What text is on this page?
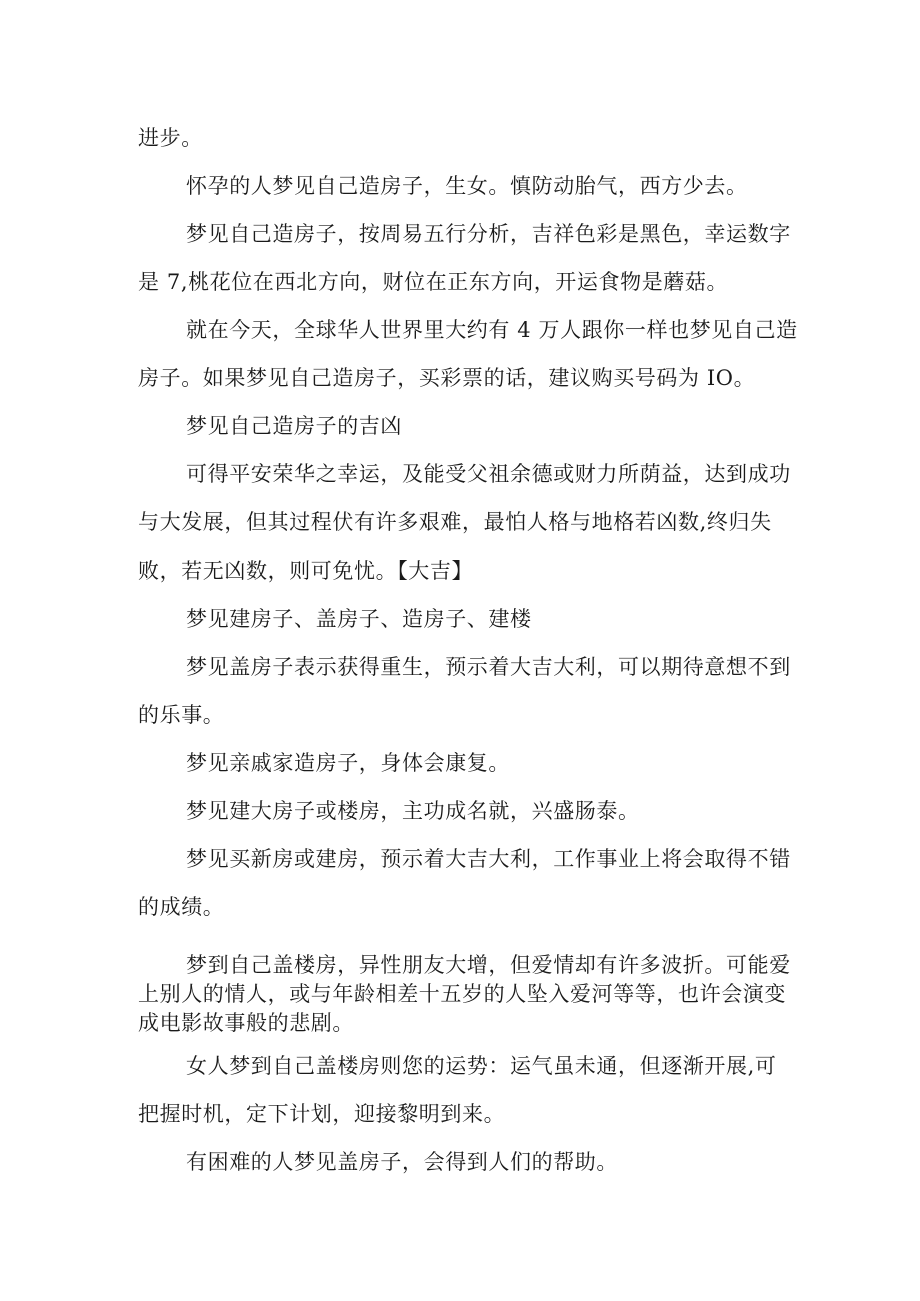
进步。
怀孕的人梦见自己造房子，生女。慎防动胎气，西方少去。
梦见自己造房子，按周易五行分析，吉祥色彩是黑色，幸运数字
是 7,桃花位在西北方向，财位在正东方向，开运食物是蘑菇。
就在今天，全球华人世界里大约有 4 万人跟你一样也梦见自己造
房子。如果梦见自己造房子，买彩票的话，建议购买号码为 IO。
梦见自己造房子的吉凶
可得平安荣华之幸运，及能受父祖余德或财力所荫益，达到成功
与大发展，但其过程伏有许多艰难，最怕人格与地格若凶数,终归失
败，若无凶数，则可免忧。【大吉】
梦见建房子、盖房子、造房子、建楼
梦见盖房子表示获得重生，预示着大吉大利，可以期待意想不到
的乐事。
梦见亲戚家造房子，身体会康复。
梦见建大房子或楼房，主功成名就，兴盛肠泰。
梦见买新房或建房，预示着大吉大利，工作事业上将会取得不错
的成绩。
梦到自己盖楼房，异性朋友大增，但爱情却有许多波折。可能爱
上别人的情人，或与年龄相差十五岁的人坠入爱河等等，也许会演变
成电影故事般的悲剧。
女人梦到自己盖楼房则您的运势：运气虽未通，但逐渐开展,可
把握时机，定下计划，迎接黎明到来。
有困难的人梦见盖房子，会得到人们的帮助。
